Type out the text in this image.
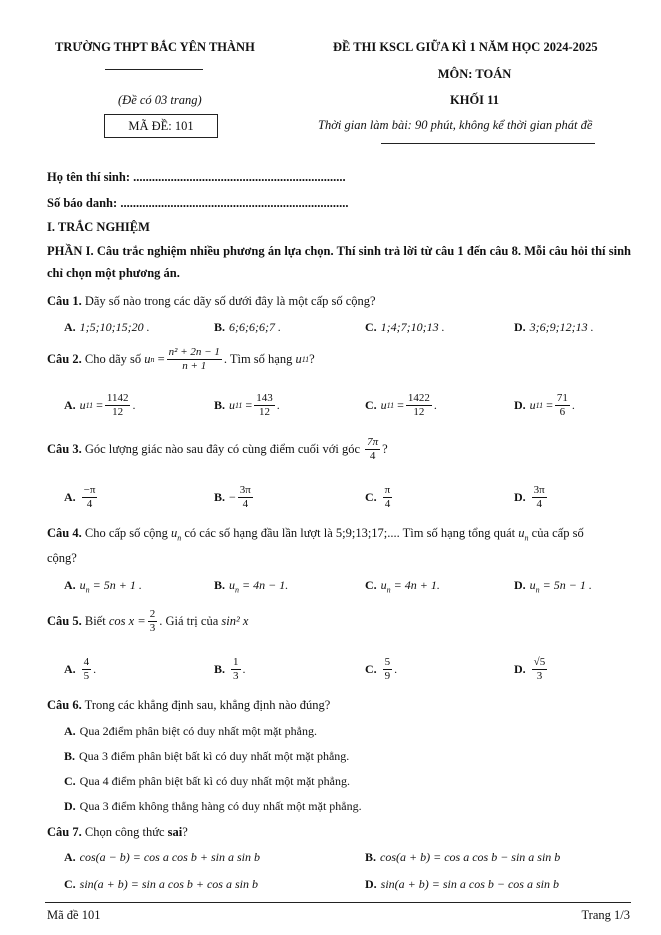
TRƯỜNG THPT BẮC YÊN THÀNH	ĐỀ THI KSCL GIỮA KÌ 1 NĂM HỌC 2024-2025
MÔN: TOÁN
(Đề có 03 trang)	KHỐI 11
MÃ ĐỀ: 101	Thời gian làm bài: 90 phút, không kể thời gian phát đề
Họ tên thí sinh: ....................................................................
Số báo danh: .........................................................................
I. TRẮC NGHIỆM
PHẦN I. Câu trắc nghiệm nhiều phương án lựa chọn. Thí sinh trả lời từ câu 1 đến câu 8. Mỗi câu hỏi thí sinh chỉ chọn một phương án.
Câu 1. Dãy số nào trong các dãy số dưới đây là một cấp số cộng?
A. 1;5;10;15;20 .	B. 6;6;6;6;7 .	C. 1;4;7;10;13 .	D. 3;6;9;12;13 .
Câu 2.
Cho dãy số
u n
= $\frac{\text{n² + 2n − 1}}{n + 1}$ . Tìm số hạng
u 11 ?
A. u $11 = \frac{1142}{12}$ .	B. u $11 = \frac{143}{12}$ .	C. u $11 = \frac{1422}{12}$ .	D. u $11 = \frac{71}{6}$ .
Câu 3.
Góc lượng giác nào sau đây có cùng điểm cuối với góc
$\frac{7\pi}{4}$ ?
A. $\frac{-\pi}{4}$	B. − $\frac{3\pi}{4}$	C. $\frac{\pi}{4}$	D. $\frac{3\pi}{4}$
Câu 4. Cho cấp số cộng $u_n$ có các số hạng đầu lần lượt là 5;9;13;17;.... Tìm số hạng tổng quát $u_n$ của cấp số
cộng?
A. $u_n = 5n + 1$ .	B. $u_n = 4n - 1$.	C. $u_n = 4n + 1$.	D. $u_n = 5n - 1$ .
Câu 5.
Biết
$\cos x = \frac{2}{3}$ . Giá trị của
sin² x
A. $\frac{4}{5}$ .	B. $\frac{1}{3}$ .	C. $\frac{5}{9}$ .	D. $\frac{√5}{3}$
Câu 6. Trong các khẳng định sau, khẳng định nào đúng?
A. Qua 2điểm phân biệt có duy nhất một mặt phẳng.
B. Qua 3 điểm phân biệt bất kì có duy nhất một mặt phẳng.
C. Qua 4 điểm phân biệt bất kì có duy nhất một mặt phẳng.
D. Qua 3 điểm không thẳng hàng có duy nhất một mặt phẳng.
Câu 7. Chọn công thức sai?
A. cos(a − b) = cos a cos b + sin a sin b	B. cos(a + b) = cos a cos b − sin a sin b
C. sin(a + b) = sin a cos b + cos a sin b	D. sin(a + b) = sin a cos b − cos a sin b
Mã đề 101	Trang 1/3
